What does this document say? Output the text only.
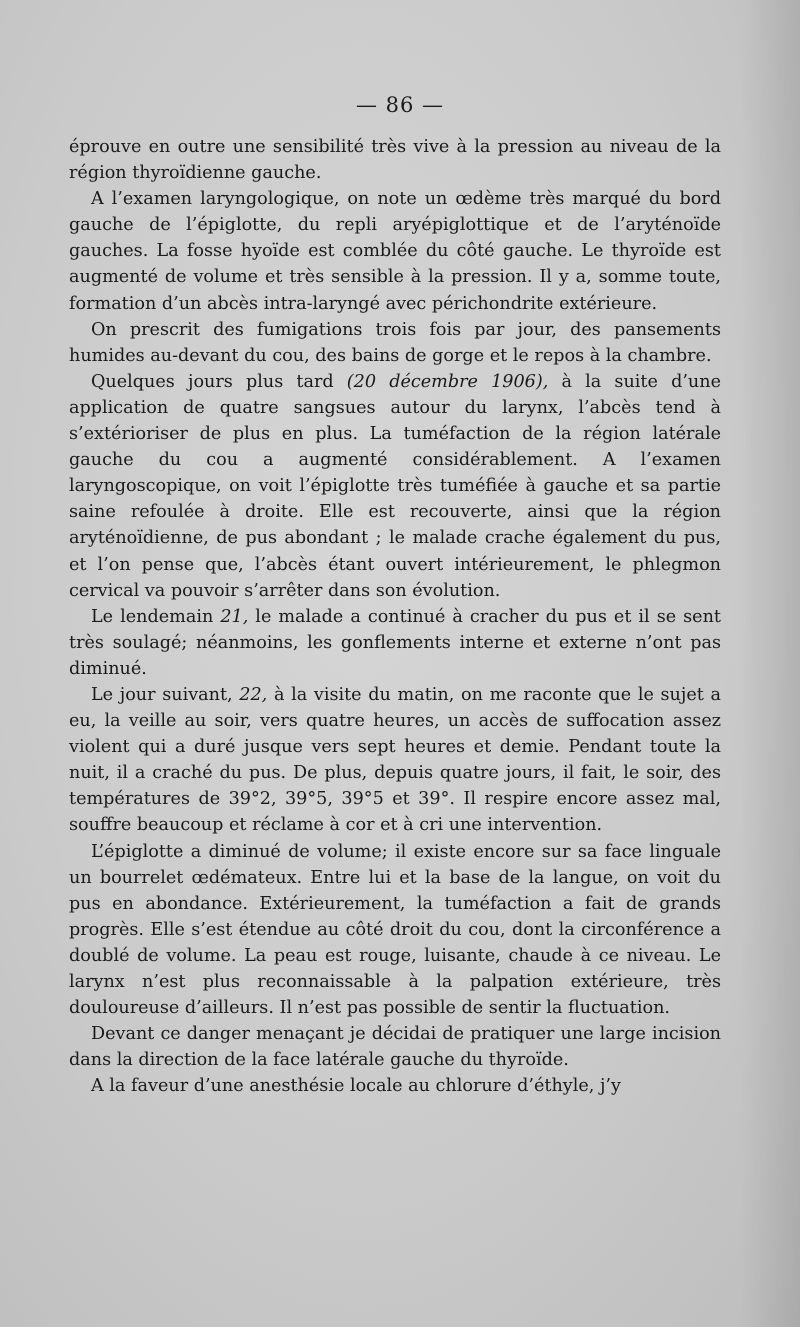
— 86 —

éprouve en outre une sensibilité très vive à la pression au niveau de la région thyroïdienne gauche.

A l’examen laryngologique, on note un œdème très marqué du bord gauche de l’épiglotte, du repli aryépiglottique et de l’aryténoïde gauches. La fosse hyoïde est comblée du côté gauche. Le thyroïde est augmenté de volume et très sensible à la pression. Il y a, somme toute, formation d’un abcès intra-laryngé avec périchondrite extérieure.

On prescrit des fumigations trois fois par jour, des pansements humides au-devant du cou, des bains de gorge et le repos à la chambre.

Quelques jours plus tard (20 décembre 1906), à la suite d’une application de quatre sangsues autour du larynx, l’abcès tend à s’extérioriser de plus en plus. La tuméfaction de la région latérale gauche du cou a augmenté considérablement. A l’examen laryngoscopique, on voit l’épiglotte très tuméfiée à gauche et sa partie saine refoulée à droite. Elle est recouverte, ainsi que la région aryténoïdienne, de pus abondant ; le malade crache également du pus, et l’on pense que, l’abcès étant ouvert intérieurement, le phlegmon cervical va pouvoir s’arrêter dans son évolution.

Le lendemain 21, le malade a continué à cracher du pus et il se sent très soulagé; néanmoins, les gonflements interne et externe n’ont pas diminué.

Le jour suivant, 22, à la visite du matin, on me raconte que le sujet a eu, la veille au soir, vers quatre heures, un accès de suffocation assez violent qui a duré jusque vers sept heures et demie. Pendant toute la nuit, il a craché du pus. De plus, depuis quatre jours, il fait, le soir, des températures de 39°2, 39°5, 39°5 et 39°. Il respire encore assez mal, souffre beaucoup et réclame à cor et à cri une intervention.

L’épiglotte a diminué de volume; il existe encore sur sa face linguale un bourrelet œdémateux. Entre lui et la base de la langue, on voit du pus en abondance. Extérieurement, la tuméfaction a fait de grands progrès. Elle s’est étendue au côté droit du cou, dont la circonférence a doublé de volume. La peau est rouge, luisante, chaude à ce niveau. Le larynx n’est plus reconnaissable à la palpation extérieure, très douloureuse d’ailleurs. Il n’est pas possible de sentir la fluctuation.

Devant ce danger menaçant je décidai de pratiquer une large incision dans la direction de la face latérale gauche du thyroïde.

A la faveur d’une anesthésie locale au chlorure d’éthyle, j’y
